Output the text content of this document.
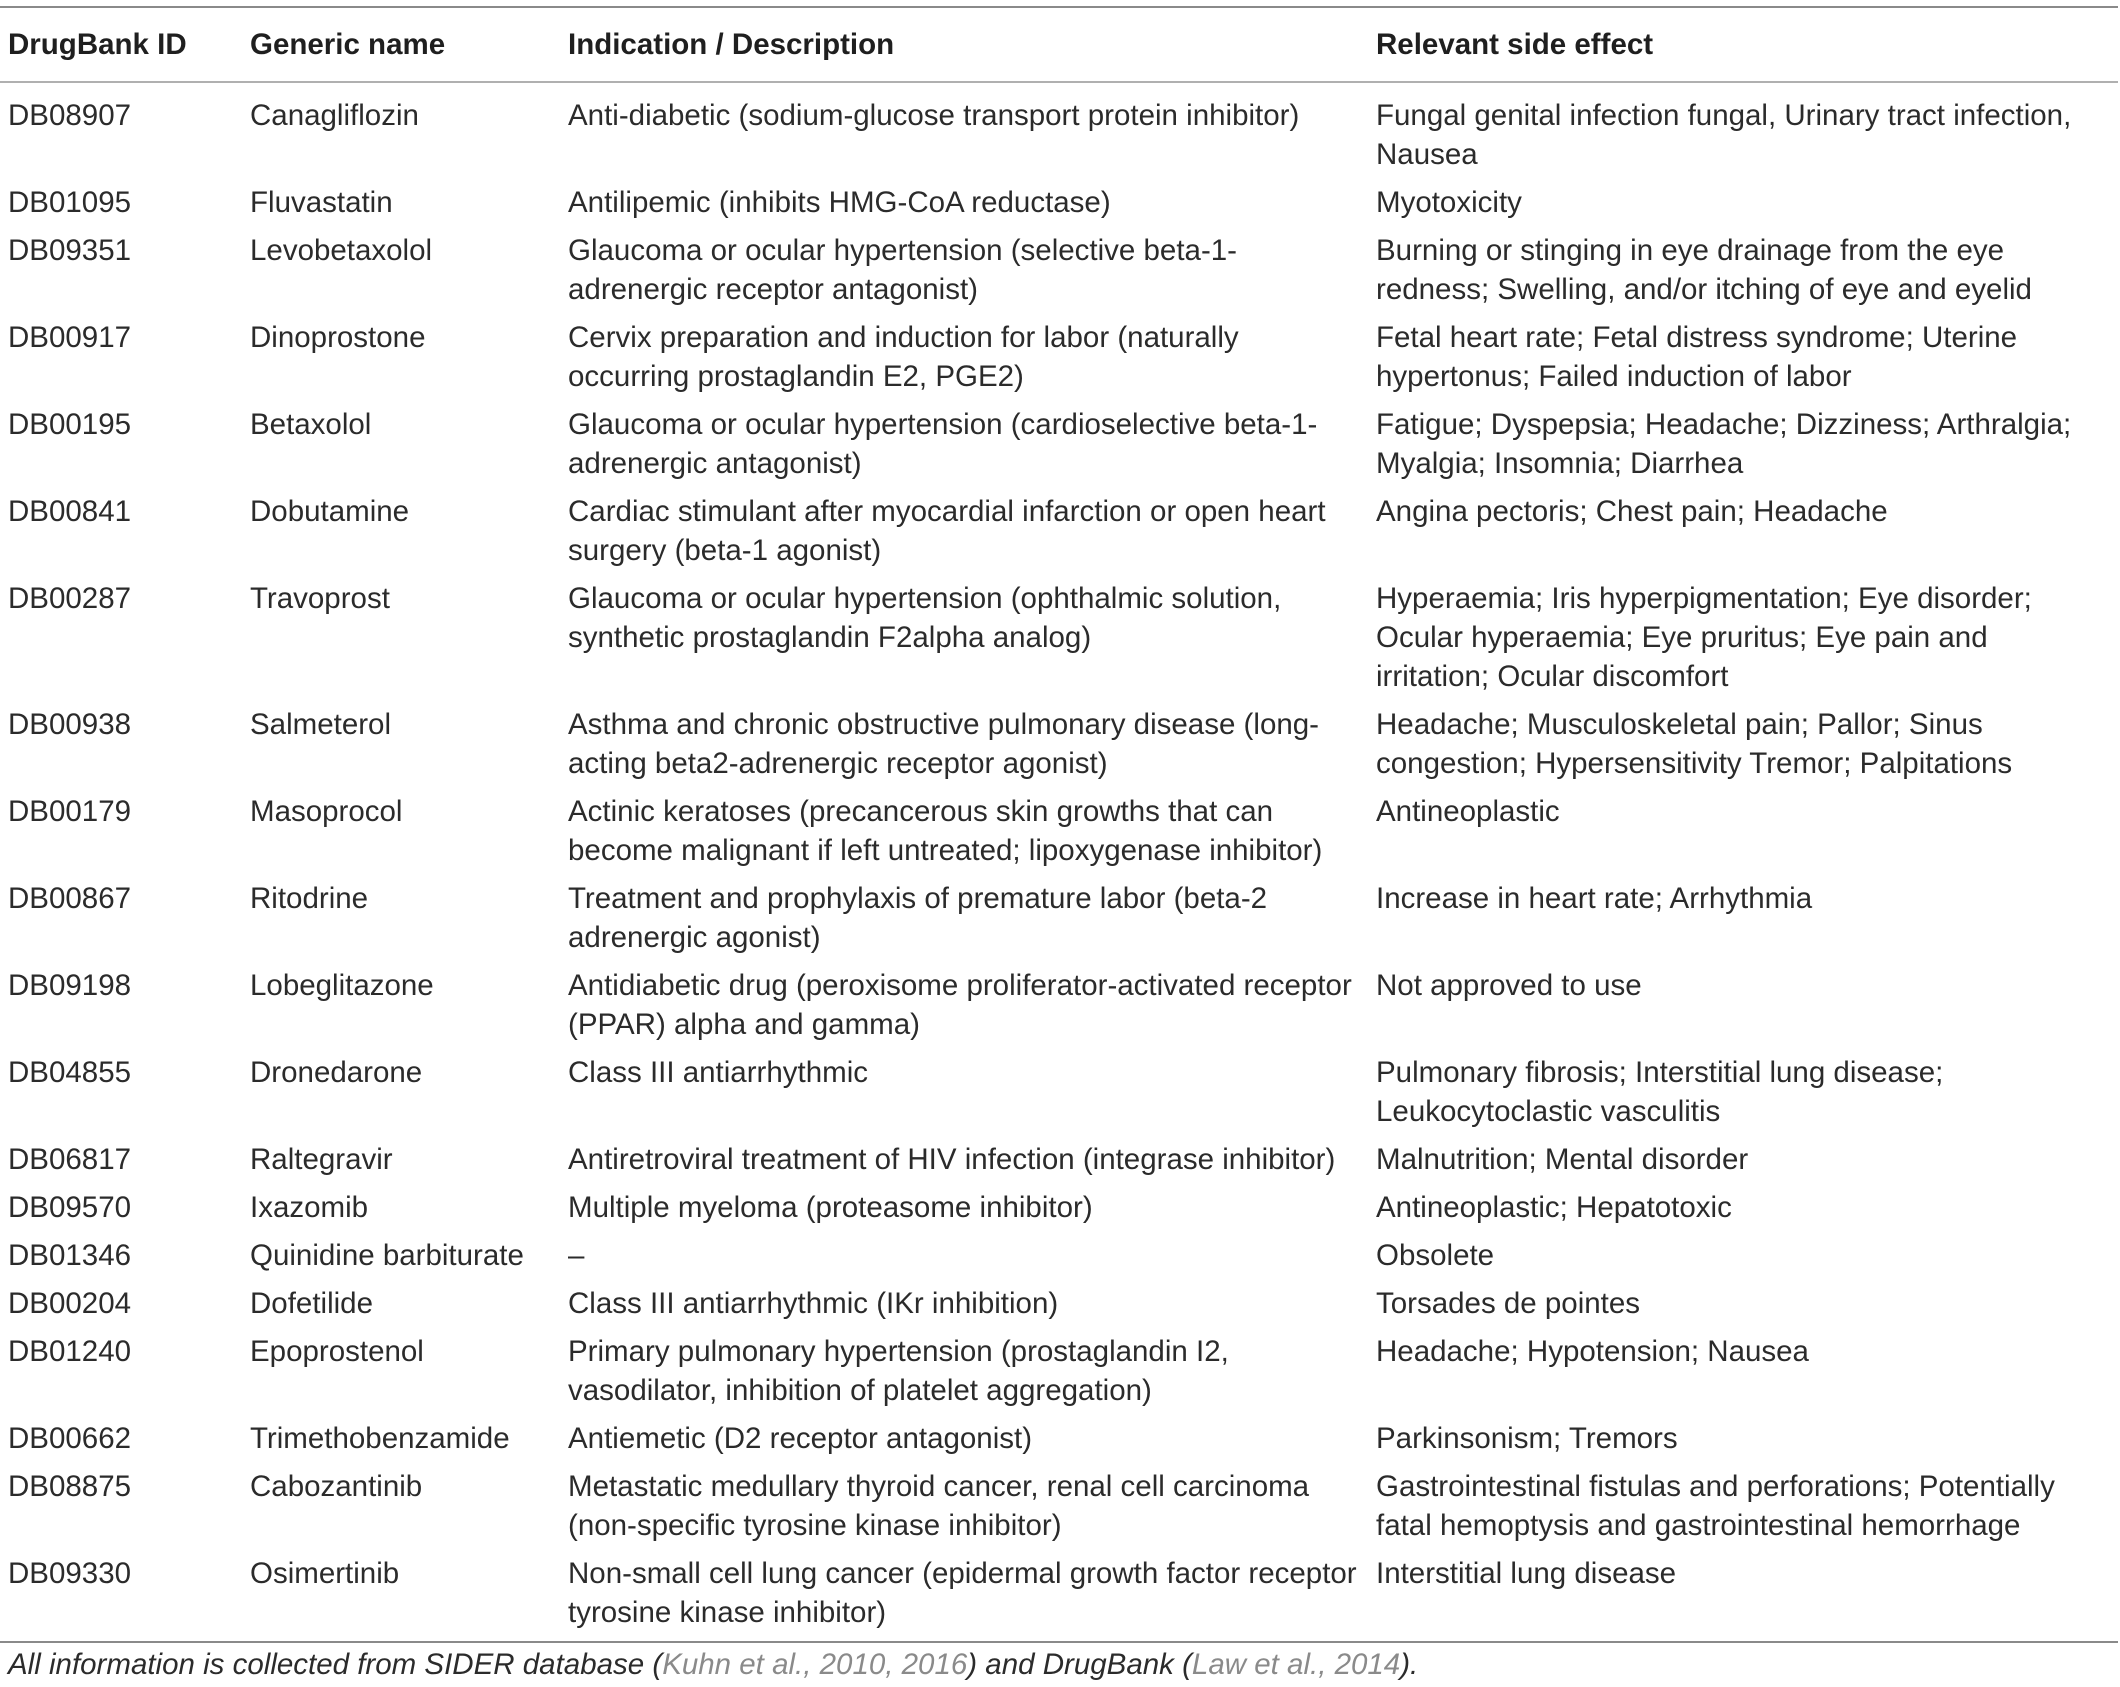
DrugBank ID	Generic name	Indication / Description	Relevant side effect
DB08907	Canagliflozin	Anti-diabetic (sodium-glucose transport protein inhibitor)	Fungal genital infection fungal, Urinary tract infection, Nausea
DB01095	Fluvastatin	Antilipemic (inhibits HMG-CoA reductase)	Myotoxicity
DB09351	Levobetaxolol	Glaucoma or ocular hypertension (selective beta-1-adrenergic receptor antagonist)	Burning or stinging in eye drainage from the eye redness; Swelling, and/or itching of eye and eyelid
DB00917	Dinoprostone	Cervix preparation and induction for labor (naturally occurring prostaglandin E2, PGE2)	Fetal heart rate; Fetal distress syndrome; Uterine hypertonus; Failed induction of labor
DB00195	Betaxolol	Glaucoma or ocular hypertension (cardioselective beta-1-adrenergic antagonist)	Fatigue; Dyspepsia; Headache; Dizziness; Arthralgia; Myalgia; Insomnia; Diarrhea
DB00841	Dobutamine	Cardiac stimulant after myocardial infarction or open heart surgery (beta-1 agonist)	Angina pectoris; Chest pain; Headache
DB00287	Travoprost	Glaucoma or ocular hypertension (ophthalmic solution, synthetic prostaglandin F2alpha analog)	Hyperaemia; Iris hyperpigmentation; Eye disorder; Ocular hyperaemia; Eye pruritus; Eye pain and irritation; Ocular discomfort
DB00938	Salmeterol	Asthma and chronic obstructive pulmonary disease (long-acting beta2-adrenergic receptor agonist)	Headache; Musculoskeletal pain; Pallor; Sinus congestion; Hypersensitivity Tremor; Palpitations
DB00179	Masoprocol	Actinic keratoses (precancerous skin growths that can become malignant if left untreated; lipoxygenase inhibitor)	Antineoplastic
DB00867	Ritodrine	Treatment and prophylaxis of premature labor (beta-2 adrenergic agonist)	Increase in heart rate; Arrhythmia
DB09198	Lobeglitazone	Antidiabetic drug (peroxisome proliferator-activated receptor (PPAR) alpha and gamma)	Not approved to use
DB04855	Dronedarone	Class III antiarrhythmic	Pulmonary fibrosis; Interstitial lung disease; Leukocytoclastic vasculitis
DB06817	Raltegravir	Antiretroviral treatment of HIV infection (integrase inhibitor)	Malnutrition; Mental disorder
DB09570	Ixazomib	Multiple myeloma (proteasome inhibitor)	Antineoplastic; Hepatotoxic
DB01346	Quinidine barbiturate	–	Obsolete
DB00204	Dofetilide	Class III antiarrhythmic (IKr inhibition)	Torsades de pointes
DB01240	Epoprostenol	Primary pulmonary hypertension (prostaglandin I2, vasodilator, inhibition of platelet aggregation)	Headache; Hypotension; Nausea
DB00662	Trimethobenzamide	Antiemetic (D2 receptor antagonist)	Parkinsonism; Tremors
DB08875	Cabozantinib	Metastatic medullary thyroid cancer, renal cell carcinoma (non-specific tyrosine kinase inhibitor)	Gastrointestinal fistulas and perforations; Potentially fatal hemoptysis and gastrointestinal hemorrhage
DB09330	Osimertinib	Non-small cell lung cancer (epidermal growth factor receptor tyrosine kinase inhibitor)	Interstitial lung disease
All information is collected from SIDER database (Kuhn et al., 2010, 2016) and DrugBank (Law et al., 2014).
